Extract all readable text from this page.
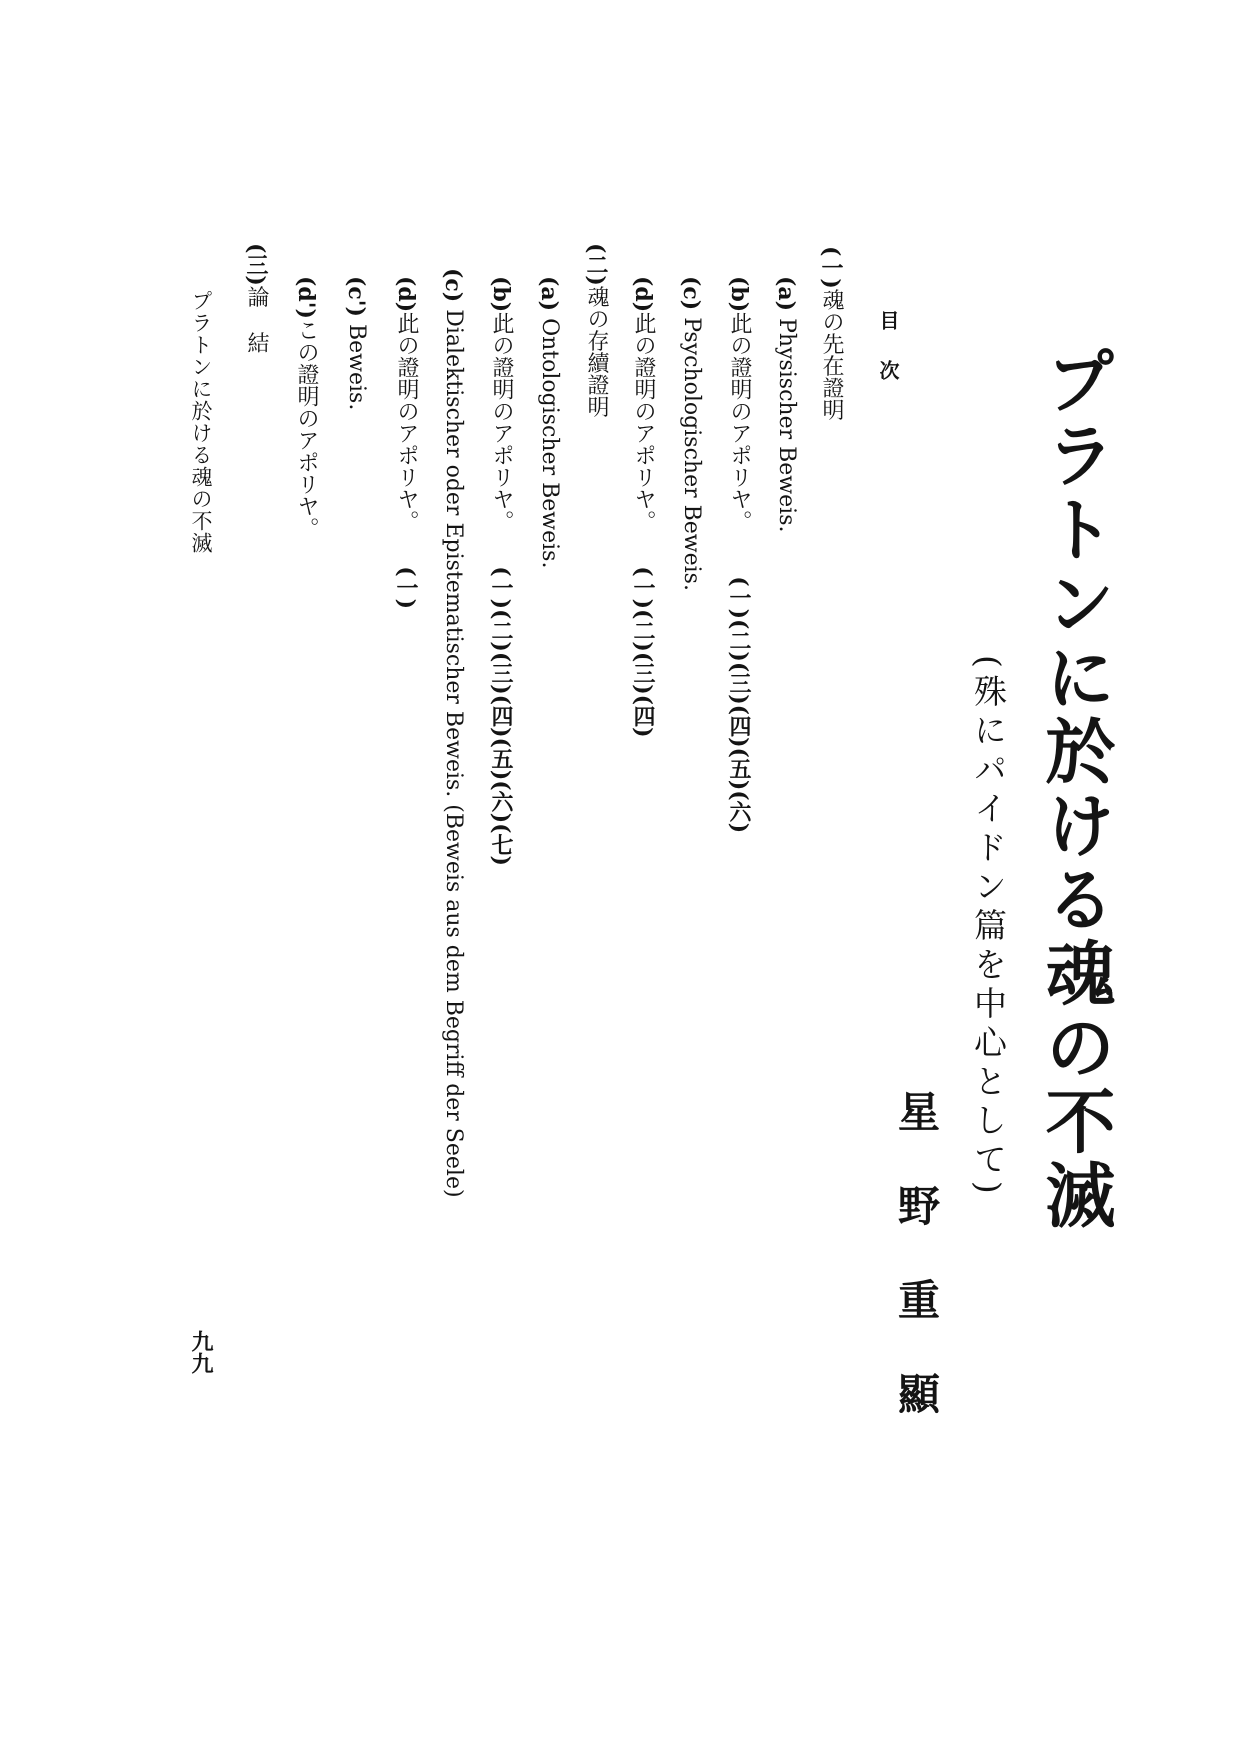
プラトンに於ける魂の不滅
(殊にパイドン篇を中心として)
星野重顯
目次
(一)魂の先在證明
(a) Physischer Beweis.
(b)此の證明のアポリヤ。(一)(二)(三)(四)(五)(六)
(c) Psychologischer Beweis.
(d)此の證明のアポリヤ。(一)(二)(三)(四)
(二)魂の存續證明
(a) Ontologischer Beweis.
(b)此の證明のアポリヤ。(一)(二)(三)(四)(五)(六)(七)
(c) Dialektischer oder Epistematischer Beweis. (Beweis aus dem Begriff der Seele)
(d)此の證明のアポリヤ。(一)
(c') Beweis.
(d')この證明のアポリヤ。
(三)論結
プラトンに於ける魂の不滅
九九
